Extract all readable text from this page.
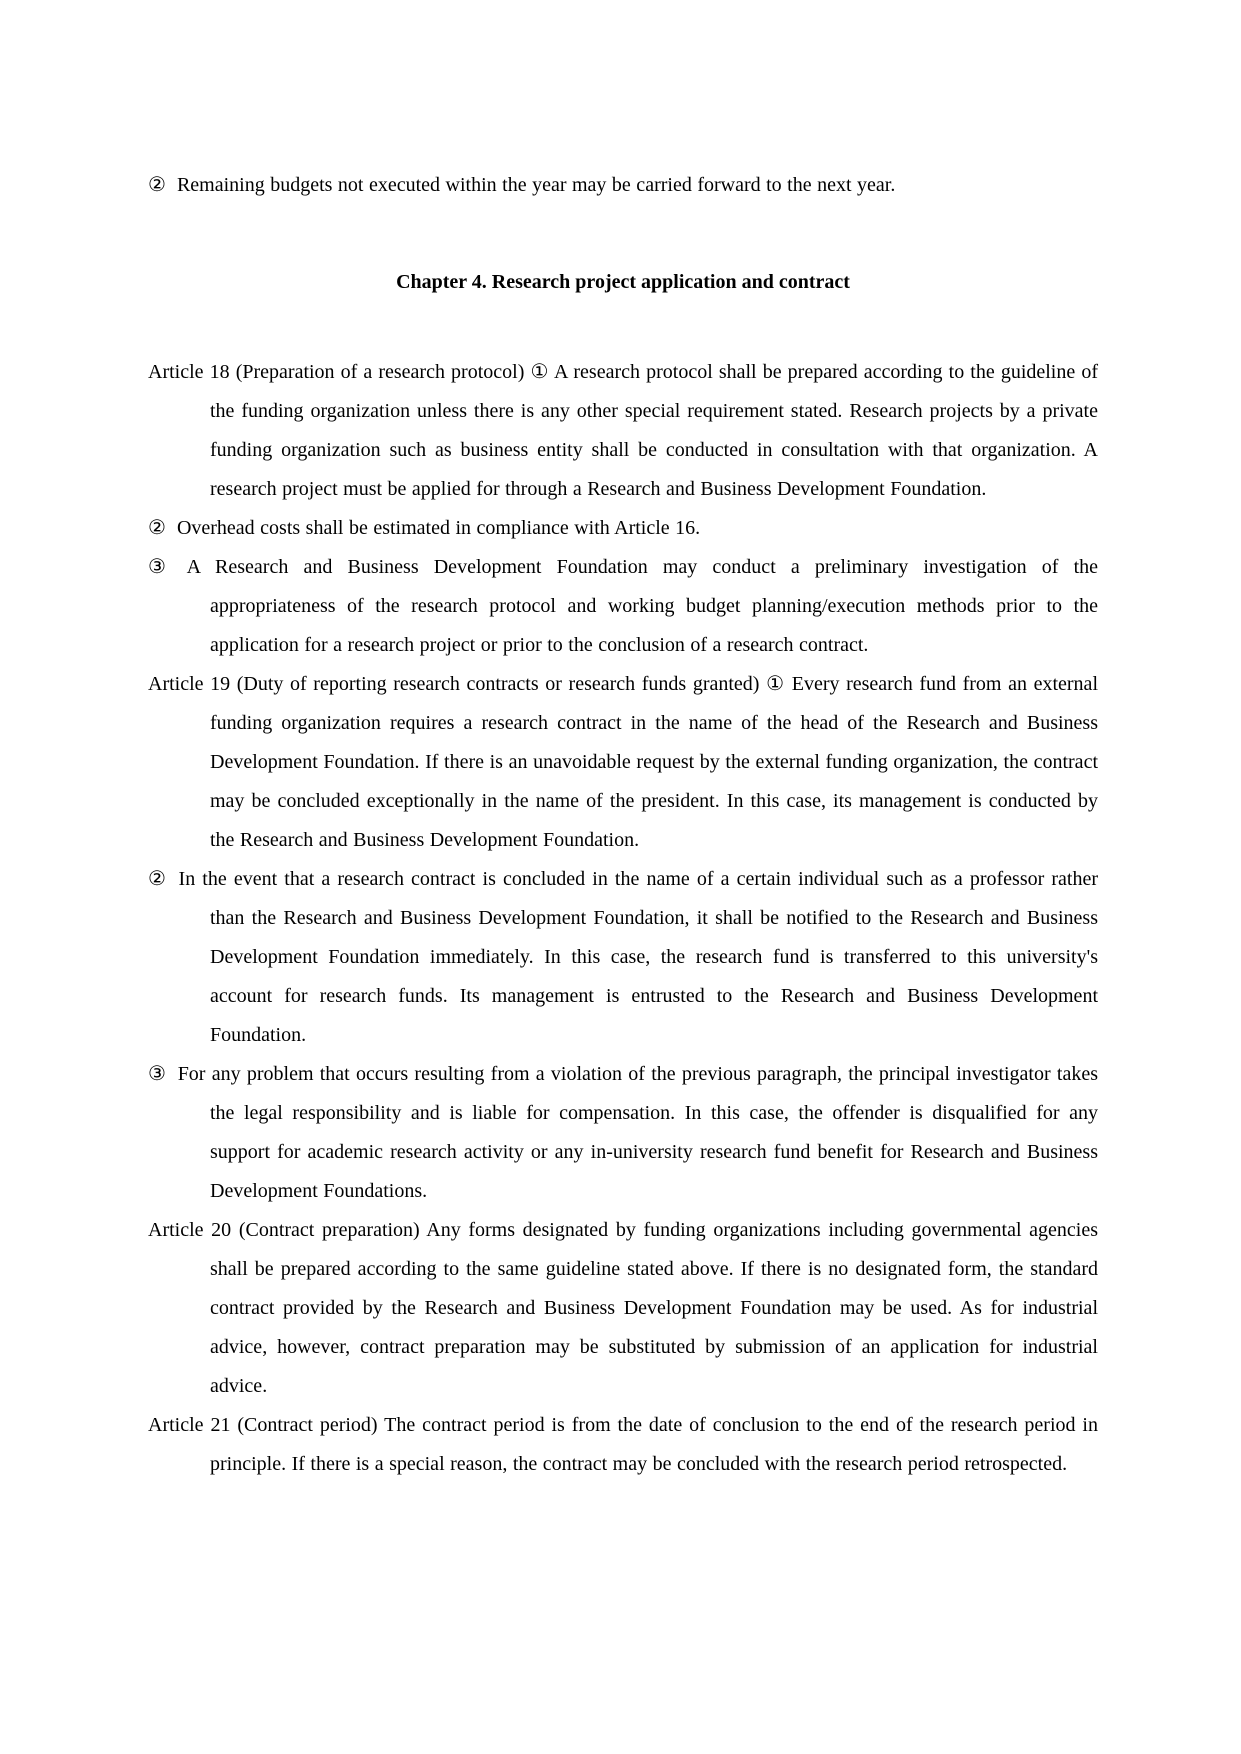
② Remaining budgets not executed within the year may be carried forward to the next year.

Chapter 4. Research project application and contract

Article 18 (Preparation of a research protocol) ① A research protocol shall be prepared according to the guideline of the funding organization unless there is any other special requirement stated. Research projects by a private funding organization such as business entity shall be conducted in consultation with that organization. A research project must be applied for through a Research and Business Development Foundation.

② Overhead costs shall be estimated in compliance with Article 16.

③ A Research and Business Development Foundation may conduct a preliminary investigation of the appropriateness of the research protocol and working budget planning/execution methods prior to the application for a research project or prior to the conclusion of a research contract.

Article 19 (Duty of reporting research contracts or research funds granted) ① Every research fund from an external funding organization requires a research contract in the name of the head of the Research and Business Development Foundation. If there is an unavoidable request by the external funding organization, the contract may be concluded exceptionally in the name of the president. In this case, its management is conducted by the Research and Business Development Foundation.

② In the event that a research contract is concluded in the name of a certain individual such as a professor rather than the Research and Business Development Foundation, it shall be notified to the Research and Business Development Foundation immediately. In this case, the research fund is transferred to this university's account for research funds. Its management is entrusted to the Research and Business Development Foundation.

③ For any problem that occurs resulting from a violation of the previous paragraph, the principal investigator takes the legal responsibility and is liable for compensation. In this case, the offender is disqualified for any support for academic research activity or any in-university research fund benefit for Research and Business Development Foundations.

Article 20 (Contract preparation) Any forms designated by funding organizations including governmental agencies shall be prepared according to the same guideline stated above. If there is no designated form, the standard contract provided by the Research and Business Development Foundation may be used. As for industrial advice, however, contract preparation may be substituted by submission of an application for industrial advice.

Article 21 (Contract period) The contract period is from the date of conclusion to the end of the research period in principle. If there is a special reason, the contract may be concluded with the research period retrospected.
